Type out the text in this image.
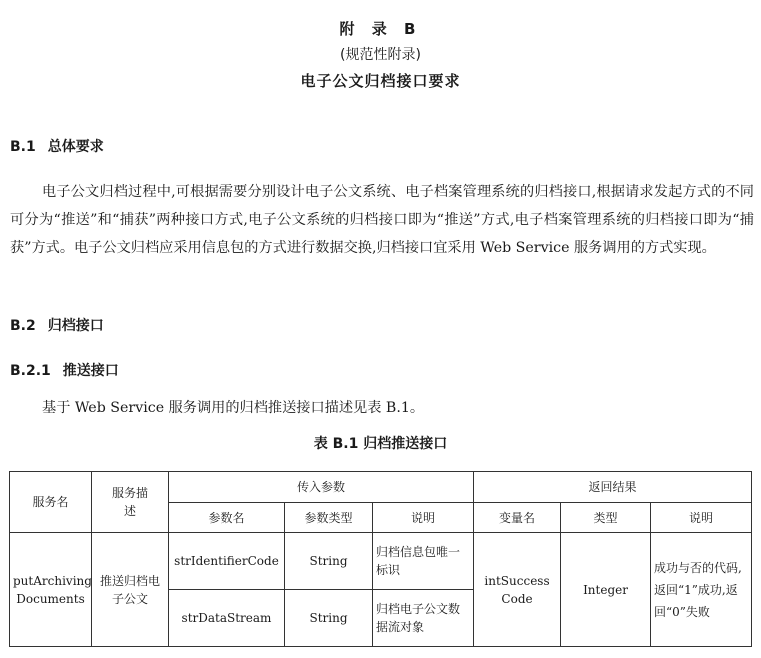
附 录 B
(规范性附录)
电子公文归档接口要求
B.1 总体要求
电子公文归档过程中,可根据需要分别设计电子公文系统、电子档案管理系统的归档接口,根据请求发起方式的不同可分为“推送”和“捕获”两种接口方式,电子公文系统的归档接口即为“推送”方式,电子档案管理系统的归档接口即为“捕获”方式。电子公文归档应采用信息包的方式进行数据交换,归档接口宜采用 Web Service 服务调用的方式实现。
B.2 归档接口
B.2.1 推送接口
基于 Web Service 服务调用的归档推送接口描述见表 B.1。
表 B.1 归档推送接口
服务名	服务描述	传入参数			返回结果		
		参数名	参数类型	说明	变量名	类型	说明
putArchiving Documents	推送归档电子公文	strIdentifierCode	String	归档信息包唯一标识	intSuccess Code	Integer	成功与否的代码,返回“1”成功,返回“0”失败
		strDataStream	String	归档电子公文数据流对象			
